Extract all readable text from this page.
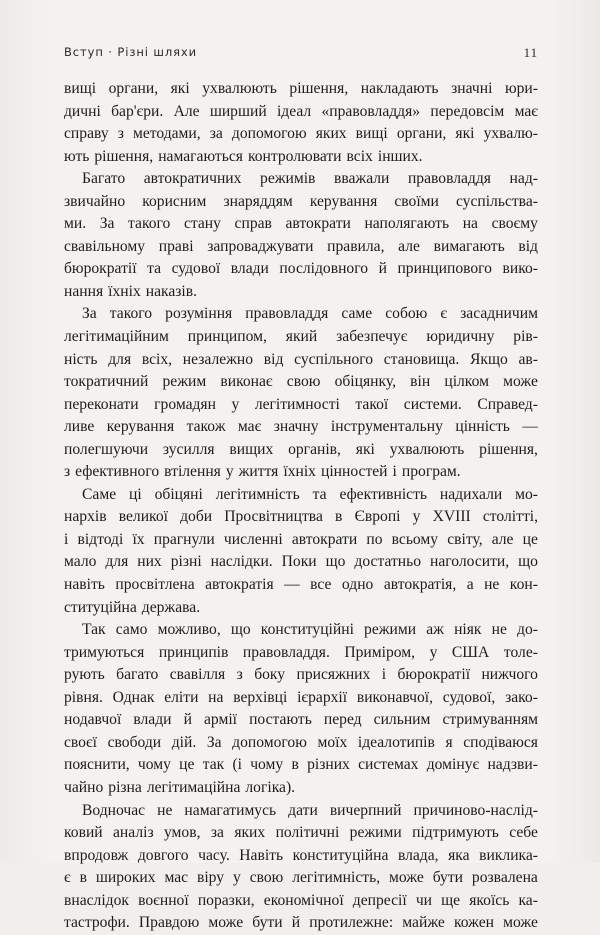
Вступ · Різні шляхи	11
вищі органи, які ухвалюють рішення, накладають значні юри-
дичні бар'єри. Але ширший ідеал «правовладдя» передовсім має
справу з методами, за допомогою яких вищі органи, які ухвалю-
ють рішення, намагаються контролювати всіх інших.
Багато автократичних режимів вважали правовладдя над-
звичайно корисним знаряддям керування своїми суспільства-
ми. За такого стану справ автократи наполягають на своєму
свавільному праві запроваджувати правила, але вимагають від
бюрократії та судової влади послідовного й принципового вико-
нання їхніх наказів.
За такого розуміння правовладдя саме собою є засадничим
легітимаційним принципом, який забезпечує юридичну рів-
ність для всіх, незалежно від суспільного становища. Якщо ав-
тократичний режим виконає свою обіцянку, він цілком може
переконати громадян у легітимності такої системи. Справед-
ливе керування також має значну інструментальну цінність —
полегшуючи зусилля вищих органів, які ухвалюють рішення,
з ефективного втілення у життя їхніх цінностей і програм.
Саме ці обіцяні легітимність та ефективність надихали мо-
нархів великої доби Просвітництва в Європі у XVIII столітті,
і відтоді їх прагнули численні автократи по всьому світу, але це
мало для них різні наслідки. Поки що достатньо наголосити, що
навіть просвітлена автократія — все одно автократія, а не кон-
ституційна держава.
Так само можливо, що конституційні режими аж ніяк не до-
тримуються принципів правовладдя. Приміром, у США толе-
рують багато свавілля з боку присяжних і бюрократії нижчого
рівня. Однак еліти на верхівці ієрархії виконавчої, судової, зако-
нодавчої влади й армії постають перед сильним стримуванням
своєї свободи дій. За допомогою моїх ідеалотипів я сподіваюся
пояснити, чому це так (і чому в різних системах домінує надзви-
чайно різна легітимаційна логіка).
Водночас не намагатимусь дати вичерпний причиново-наслід-
ковий аналіз умов, за яких політичні режими підтримують себе
впродовж довгого часу. Навіть конституційна влада, яка виклика-
є в широких мас віру у свою легітимність, може бути розвалена
внаслідок воєнної поразки, економічної депресії чи ще якоїсь ка-
тастрофи. Правдою може бути й протилежне: майже кожен може
